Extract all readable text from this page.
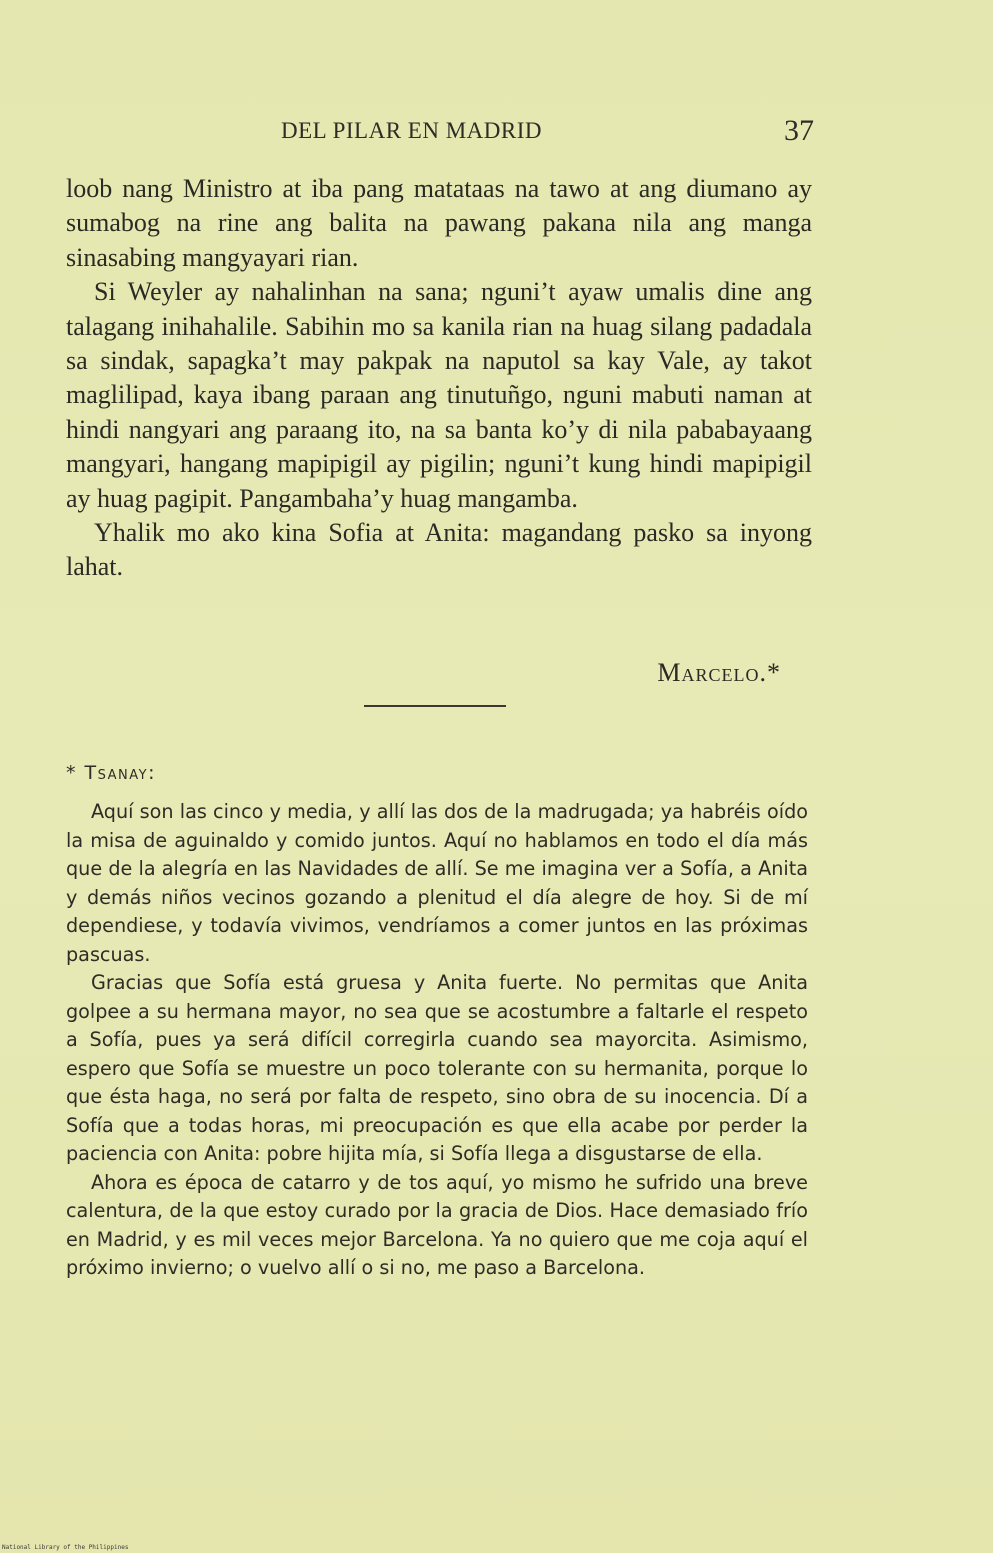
DEL PILAR EN MADRID	37

loob nang Ministro at iba pang matataas na tawo at ang diumano ay sumabog na rine ang balita na pawang pakana nila ang manga sinasabing mangyayari rian.

Si Weyler ay nahalinhan na sana; nguni’t ayaw umalis dine ang talagang inihahalile. Sabihin mo sa kanila rian na huag silang padadala sa sindak, sapagka’t may pakpak na naputol sa kay Vale, ay takot maglilipad, kaya ibang paraan ang tinutuñgo, nguni mabuti naman at hindi nangyari ang paraang ito, na sa banta ko’y di nila pababayaang mangyari, hangang mapipigil ay pigilin; nguni’t kung hindi mapipigil ay huag pagipit. Pangambaha’y huag mangamba.

Yhalik mo ako kina Sofia at Anita: magandang pasko sa inyong lahat.

Marcelo.*
* Tsanay:

Aquí son las cinco y media, y allí las dos de la madrugada; ya habréis oído la misa de aguinaldo y comido juntos. Aquí no hablamos en todo el día más que de la alegría en las Navidades de allí. Se me imagina ver a Sofía, a Anita y demás niños vecinos gozando a plenitud el día alegre de hoy. Si de mí dependiese, y todavía vivimos, vendríamos a comer juntos en las próximas pascuas.

Gracias que Sofía está gruesa y Anita fuerte. No permitas que Anita golpee a su hermana mayor, no sea que se acostumbre a faltarle el respeto a Sofía, pues ya será difícil corregirla cuando sea mayorcita. Asimismo, espero que Sofía se muestre un poco tolerante con su hermanita, porque lo que ésta haga, no será por falta de respeto, sino obra de su inocencia. Dí a Sofía que a todas horas, mi preocupación es que ella acabe por perder la paciencia con Anita: pobre hijita mía, si Sofía llega a disgustarse de ella.

Ahora es época de catarro y de tos aquí, yo mismo he sufrido una breve calentura, de la que estoy curado por la gracia de Dios. Hace demasiado frío en Madrid, y es mil veces mejor Barcelona. Ya no quiero que me coja aquí el próximo invierno; o vuelvo allí o si no, me paso a Barcelona.

National Library of the Philippines
